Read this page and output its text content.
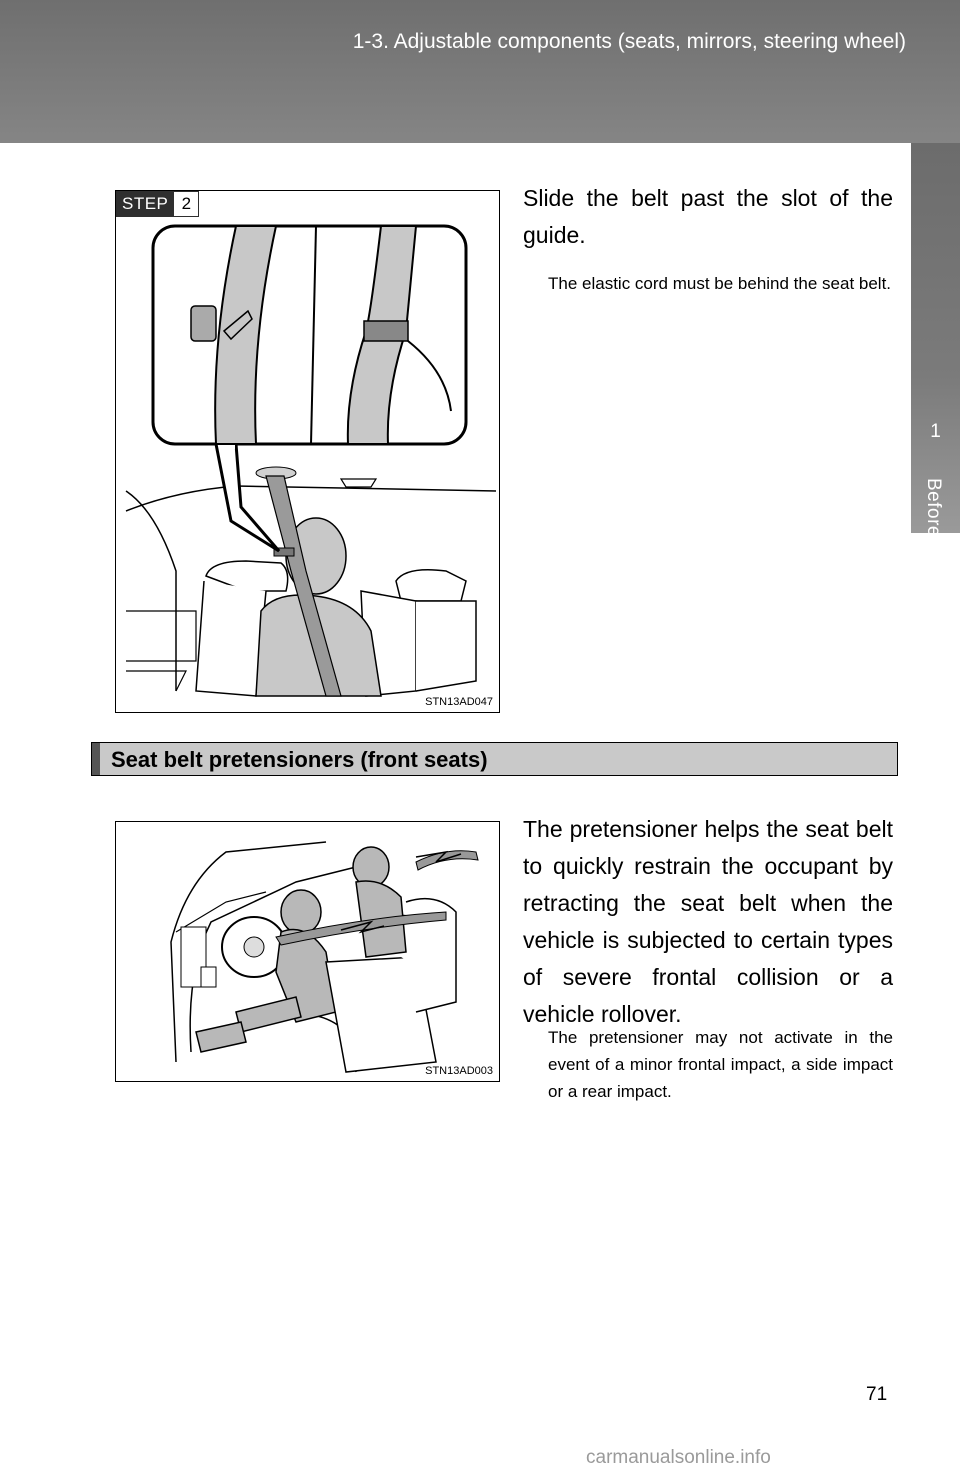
1-3. Adjustable components (seats, mirrors, steering wheel)
1
Before driving
STEP 2
STN13AD047
Slide the belt past the slot of the guide.
The elastic cord must be behind the seat belt.
Seat belt pretensioners (front seats)
STN13AD003
The pretensioner helps the seat belt to quickly restrain the occupant by retracting the seat belt when the vehicle is subjected to certain types of severe frontal collision or a vehicle rollover.
The pretensioner may not activate in the event of a minor frontal impact, a side impact or a rear impact.
71
carmanualsonline.info
